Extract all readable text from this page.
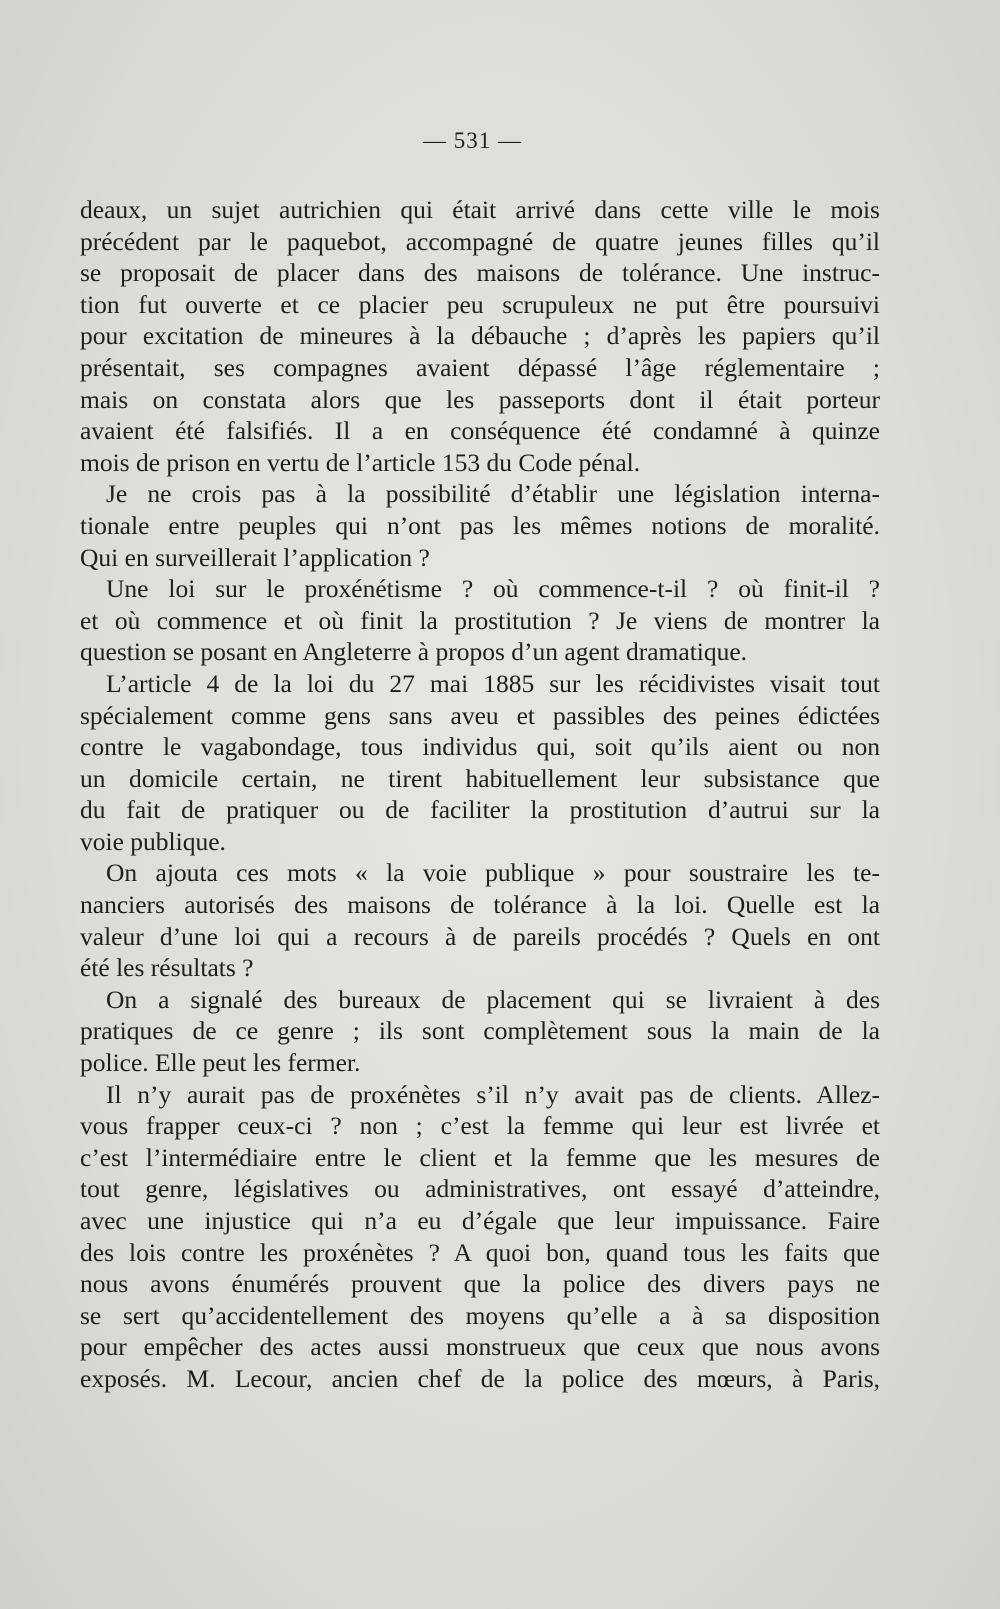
— 531 —
deaux, un sujet autrichien qui était arrivé dans cette ville le mois
précédent par le paquebot, accompagné de quatre jeunes filles qu’il
se proposait de placer dans des maisons de tolérance. Une instruc-
tion fut ouverte et ce placier peu scrupuleux ne put être poursuivi
pour excitation de mineures à la débauche ; d’après les papiers qu’il
présentait, ses compagnes avaient dépassé l’âge réglementaire ;
mais on constata alors que les passeports dont il était porteur
avaient été falsifiés. Il a en conséquence été condamné à quinze
mois de prison en vertu de l’article 153 du Code pénal.
Je ne crois pas à la possibilité d’établir une législation interna-
tionale entre peuples qui n’ont pas les mêmes notions de moralité.
Qui en surveillerait l’application ?
Une loi sur le proxénétisme ? où commence-t-il ? où finit-il ?
et où commence et où finit la prostitution ? Je viens de montrer la
question se posant en Angleterre à propos d’un agent dramatique.
L’article 4 de la loi du 27 mai 1885 sur les récidivistes visait tout
spécialement comme gens sans aveu et passibles des peines édictées
contre le vagabondage, tous individus qui, soit qu’ils aient ou non
un domicile certain, ne tirent habituellement leur subsistance que
du fait de pratiquer ou de faciliter la prostitution d’autrui sur la
voie publique.
On ajouta ces mots « la voie publique » pour soustraire les te-
nanciers autorisés des maisons de tolérance à la loi. Quelle est la
valeur d’une loi qui a recours à de pareils procédés ? Quels en ont
été les résultats ?
On a signalé des bureaux de placement qui se livraient à des
pratiques de ce genre ; ils sont complètement sous la main de la
police. Elle peut les fermer.
Il n’y aurait pas de proxénètes s’il n’y avait pas de clients. Allez-
vous frapper ceux-ci ? non ; c’est la femme qui leur est livrée et
c’est l’intermédiaire entre le client et la femme que les mesures de
tout genre, législatives ou administratives, ont essayé d’atteindre,
avec une injustice qui n’a eu d’égale que leur impuissance. Faire
des lois contre les proxénètes ? A quoi bon, quand tous les faits que
nous avons énumérés prouvent que la police des divers pays ne
se sert qu’accidentellement des moyens qu’elle a à sa disposition
pour empêcher des actes aussi monstrueux que ceux que nous avons
exposés. M. Lecour, ancien chef de la police des mœurs, à Paris,
